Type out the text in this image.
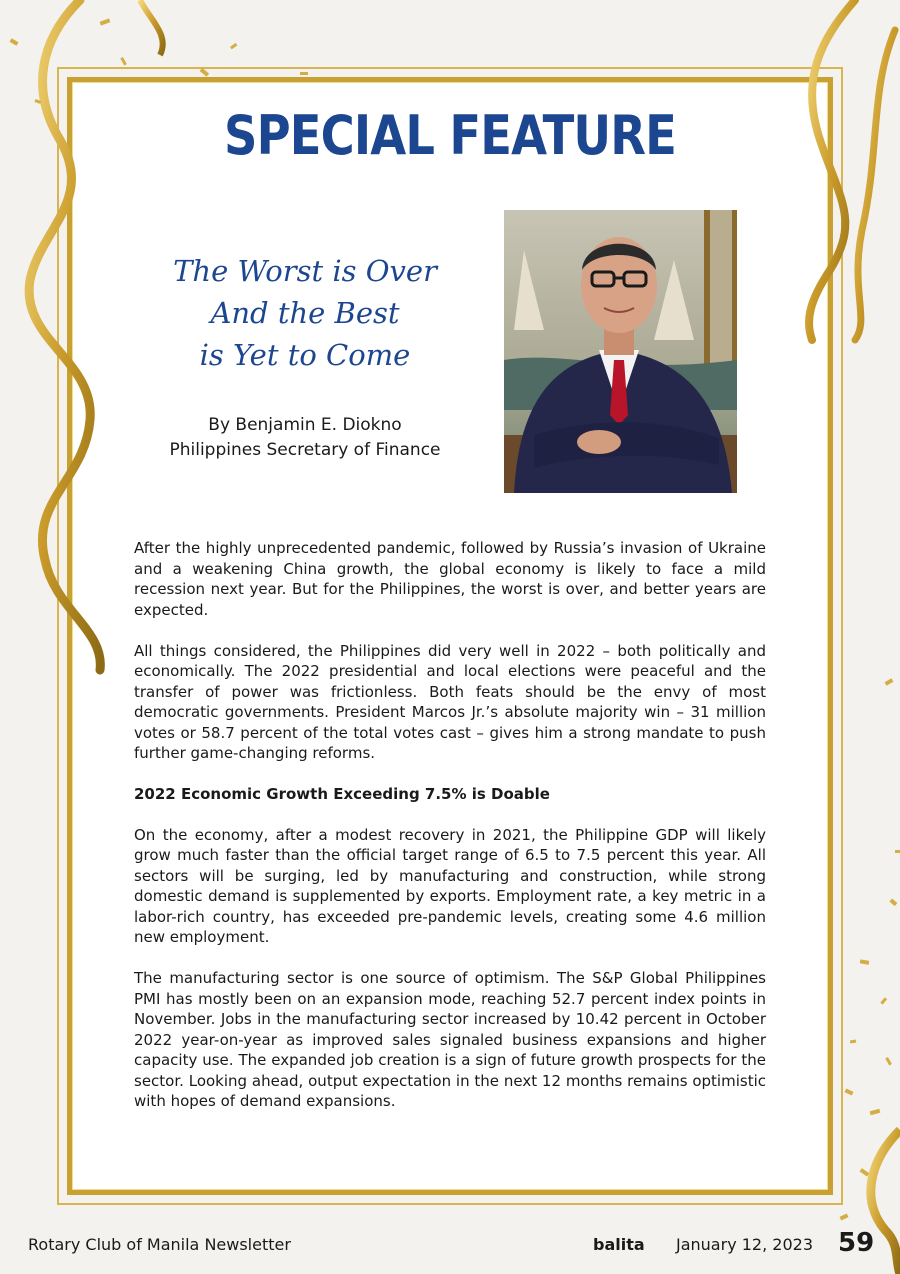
SPECIAL FEATURE
The Worst is Over
And the Best
is Yet to Come
By Benjamin E. Diokno
Philippines Secretary of Finance

After the highly unprecedented pandemic, followed by Russia’s invasion of Ukraine and a weakening China growth, the global economy is likely to face a mild recession next year. But for the Philippines, the worst is over, and better years are expected.

All things considered, the Philippines did very well in 2022 – both politically and economically. The 2022 presidential and local elections were peaceful and the transfer of power was frictionless. Both feats should be the envy of most democratic governments. President Marcos Jr.’s absolute majority win – 31 million votes or 58.7 percent of the total votes cast – gives him a strong mandate to push further game-changing reforms.

2022 Economic Growth Exceeding 7.5% is Doable

On the economy, after a modest recovery in 2021, the Philippine GDP will likely grow much faster than the official target range of 6.5 to 7.5 percent this year. All sectors will be surging, led by manufacturing and construction, while strong domestic demand is supplemented by exports. Employment rate, a key metric in a labor-rich country, has exceeded pre-pandemic levels, creating some 4.6 million new employment.

The manufacturing sector is one source of optimism. The S&P Global Philippines PMI has mostly been on an expansion mode, reaching 52.7 percent index points in November. Jobs in the manufacturing sector increased by 10.42 percent in October 2022 year-on-year as improved sales signaled business expansions and higher capacity use. The expanded job creation is a sign of future growth prospects for the sector. Looking ahead, output expectation in the next 12 months remains optimistic with hopes of demand expansions.

Rotary Club of Manila Newsletter	balita January 12, 2023 59
